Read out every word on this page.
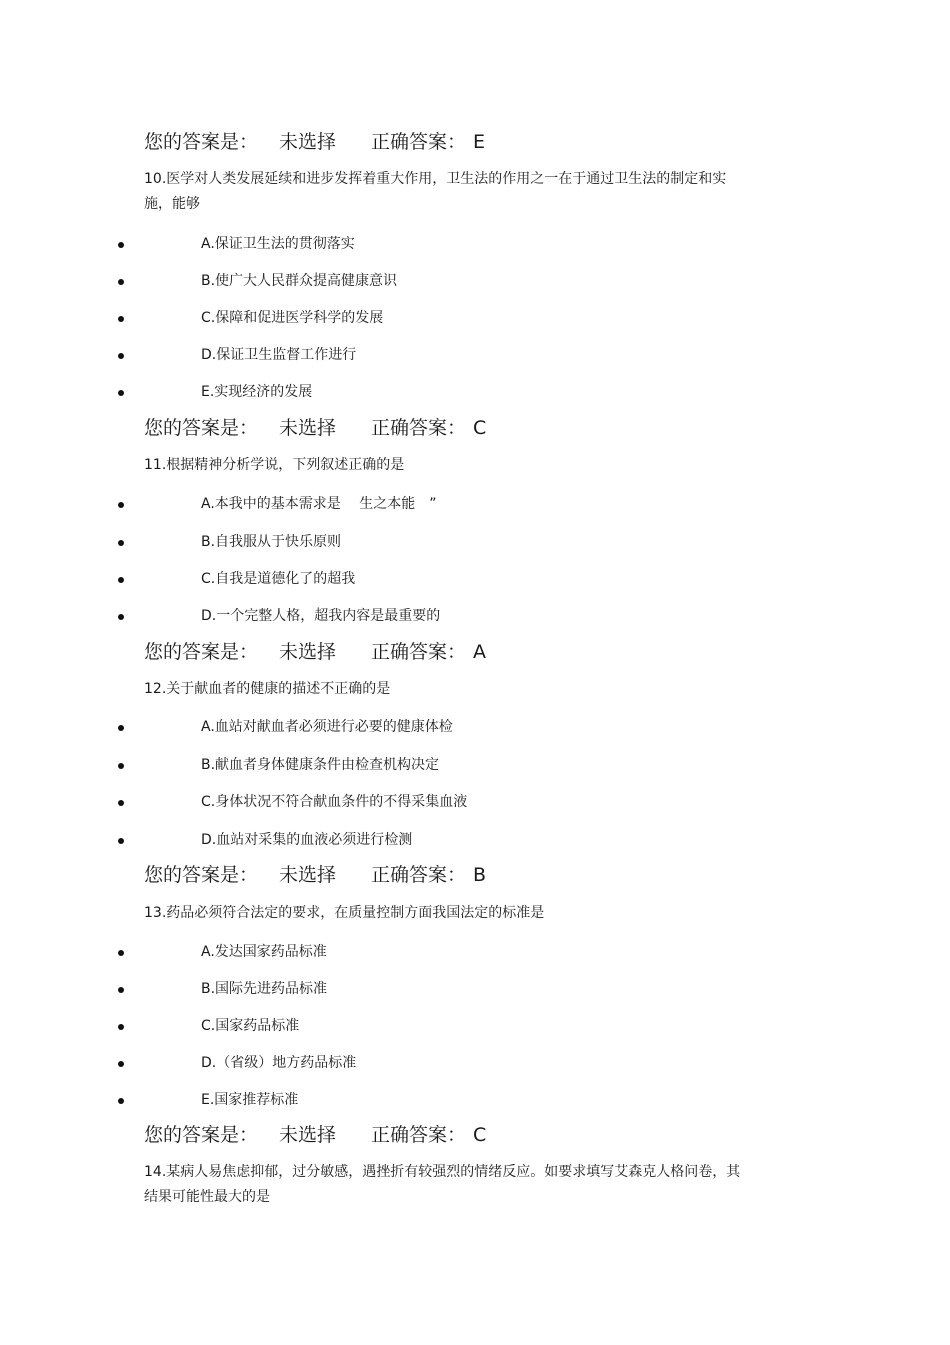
您的答案是： 未选择 正确答案： E
10.医学对人类发展延续和进步发挥着重大作用，卫生法的作用之一在于通过卫生法的制定和实施，能够
A.保证卫生法的贯彻落实
B.使广大人民群众提高健康意识
C.保障和促进医学科学的发展
D.保证卫生监督工作进行
E.实现经济的发展
您的答案是： 未选择 正确答案： C
11.根据精神分析学说，下列叙述正确的是
A.本我中的基本需求是　 生之本能　”
B.自我服从于快乐原则
C.自我是道德化了的超我
D.一个完整人格，超我内容是最重要的
您的答案是： 未选择 正确答案： A
12.关于献血者的健康的描述不正确的是
A.血站对献血者必须进行必要的健康体检
B.献血者身体健康条件由检查机构决定
C.身体状况不符合献血条件的不得采集血液
D.血站对采集的血液必须进行检测
您的答案是： 未选择 正确答案： B
13.药品必须符合法定的要求，在质量控制方面我国法定的标准是
A.发达国家药品标准
B.国际先进药品标准
C.国家药品标准
D.（省级）地方药品标准
E.国家推荐标准
您的答案是： 未选择 正确答案： C
14.某病人易焦虑抑郁，过分敏感，遇挫折有较强烈的情绪反应。如要求填写艾森克人格问卷，其结果可能性最大的是
